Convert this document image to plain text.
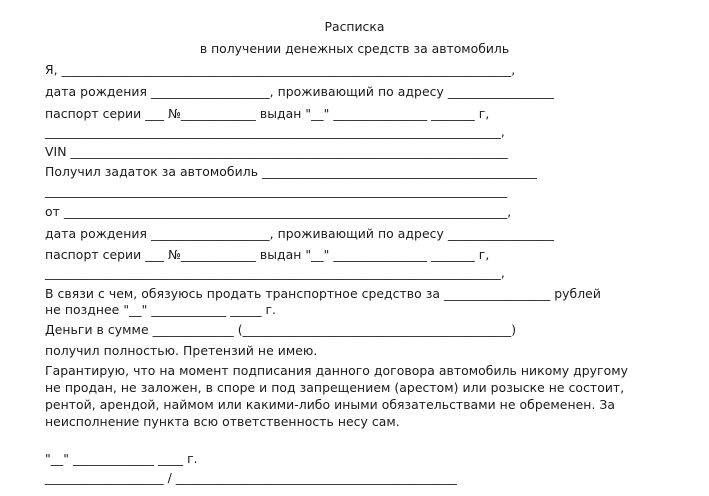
Расписка
в получении денежных средств за автомобиль
Я, ________________________________________________________________________,
дата рождения ___________________, проживающий по адресу _________________
паспорт серии ___ №____________ выдан "__" _______________ _______ г,
_________________________________________________________________________,
VIN ______________________________________________________________________
Получил задаток за автомобиль ____________________________________________
__________________________________________________________________________
от _______________________________________________________________________,
дата рождения ___________________, проживающий по адресу _________________
паспорт серии ___ №____________ выдан "__" _______________ _______ г,
_________________________________________________________________________,
В связи с чем, обязуюсь продать транспортное средство за _________________ рублей
не позднее "__" ____________ _____ г.
Деньги в сумме _____________ (___________________________________________)
получил полностью. Претензий не имею.
Гарантирую, что на момент подписания данного договора автомобиль никому другому
не продан, не заложен, в споре и под запрещением (арестом) или розыске не состоит,
рентой, арендой, наймом или какими-либо иными обязательствами не обременен. За
неисполнение пункта всю ответственность несу сам.
"__" _____________ ____ г.
___________________ / _____________________________________________
